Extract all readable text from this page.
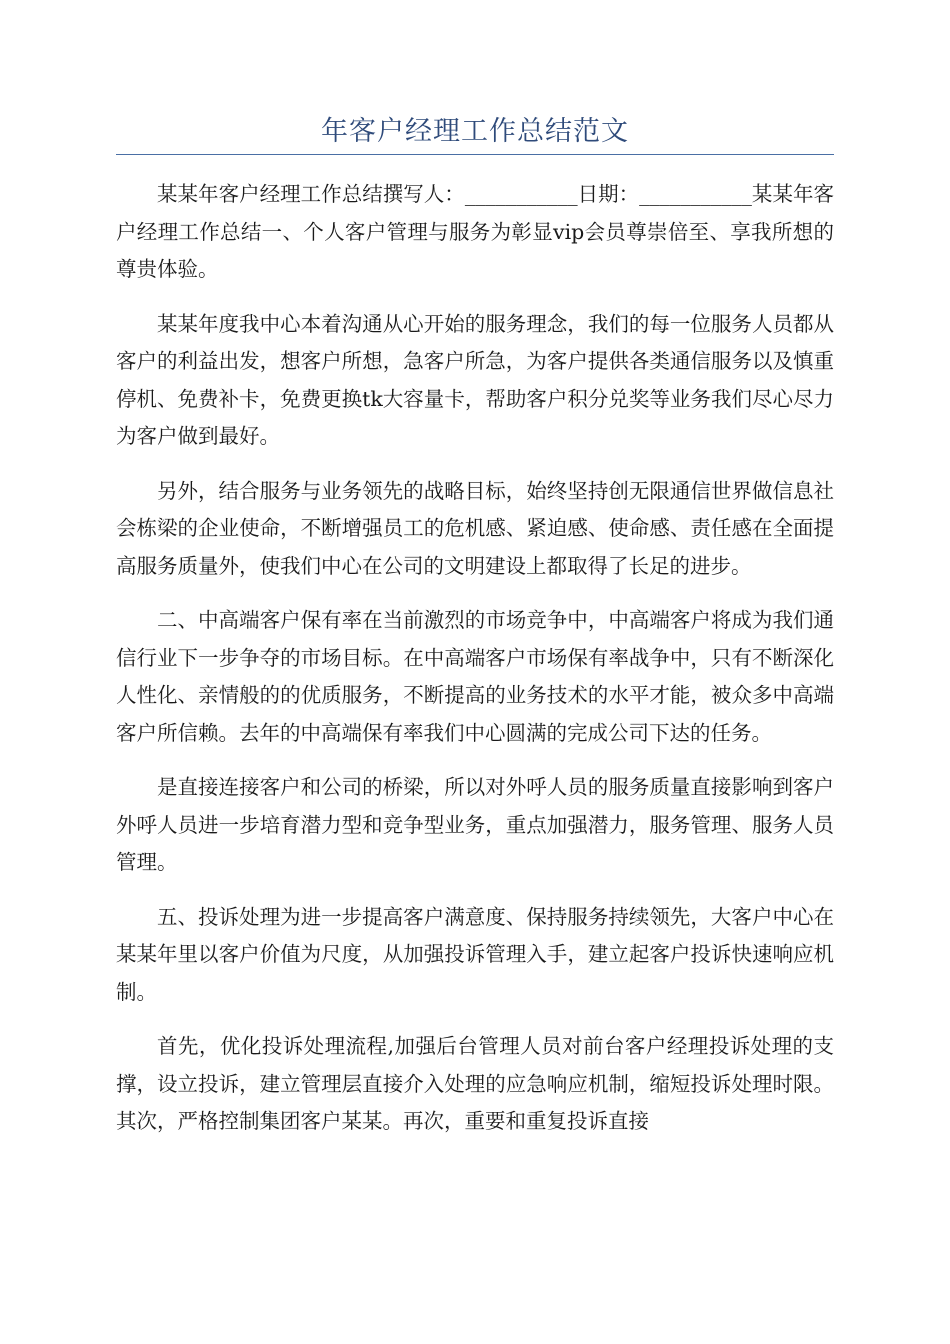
年客户经理工作总结范文

某某年客户经理工作总结撰写人：___________日期：___________某某年客户经理工作总结一、个人客户管理与服务为彰显vip会员尊崇倍至、享我所想的尊贵体验。

某某年度我中心本着沟通从心开始的服务理念，我们的每一位服务人员都从客户的利益出发，想客户所想，急客户所急，为客户提供各类通信服务以及慎重停机、免费补卡，免费更换tk大容量卡，帮助客户积分兑奖等业务我们尽心尽力为客户做到最好。

另外，结合服务与业务领先的战略目标，始终坚持创无限通信世界做信息社会栋梁的企业使命，不断增强员工的危机感、紧迫感、使命感、责任感在全面提高服务质量外，使我们中心在公司的文明建设上都取得了长足的进步。

二、中高端客户保有率在当前激烈的市场竞争中，中高端客户将成为我们通信行业下一步争夺的市场目标。在中高端客户市场保有率战争中，只有不断深化人性化、亲情般的的优质服务，不断提高的业务技术的水平才能，被众多中高端客户所信赖。去年的中高端保有率我们中心圆满的完成公司下达的任务。

是直接连接客户和公司的桥梁，所以对外呼人员的服务质量直接影响到客户外呼人员进一步培育潜力型和竞争型业务，重点加强潜力，服务管理、服务人员管理。

五、投诉处理为进一步提高客户满意度、保持服务持续领先，大客户中心在某某年里以客户价值为尺度，从加强投诉管理入手，建立起客户投诉快速响应机制。

首先，优化投诉处理流程,加强后台管理人员对前台客户经理投诉处理的支撑，设立投诉，建立管理层直接介入处理的应急响应机制，缩短投诉处理时限。其次，严格控制集团客户某某。再次，重要和重复投诉直接
